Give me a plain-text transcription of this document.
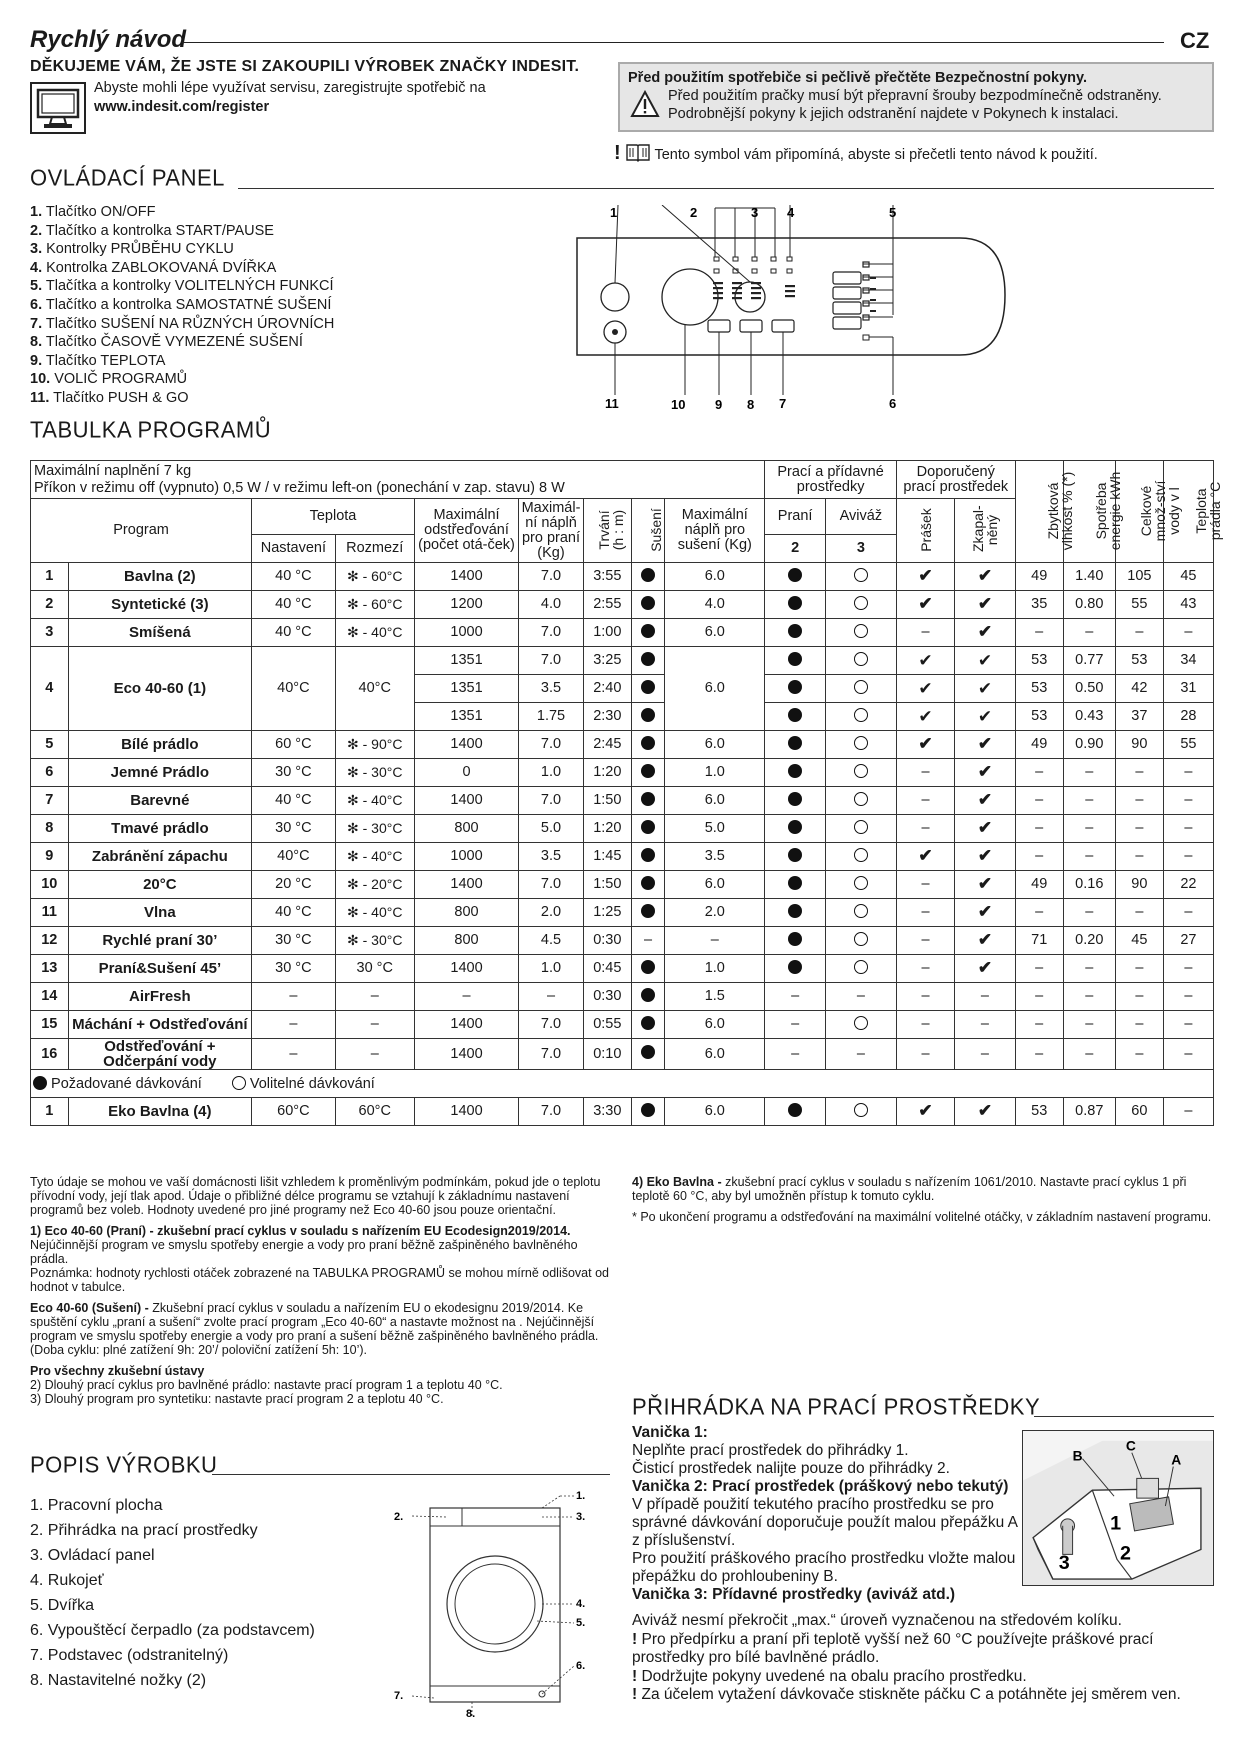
Rychlý návod	CZ
DĚKUJEME VÁM, ŽE JSTE SI ZAKOUPILI VÝROBEK ZNAČKY INDESIT.
Abyste mohli lépe využívat servisu, zaregistrujte spotřebič na
www.indesit.com/register
Před použitím spotřebiče si pečlivě přečtěte Bezpečnostní pokyny.
Před použitím pračky musí být přepravní šrouby bezpodmínečně odstraněny.
Podrobnější pokyny k jejich odstranění najdete v Pokynech k instalaci.
! Tento symbol vám připomíná, abyste si přečetli tento návod k použití.
OVLÁDACÍ PANEL
1. Tlačítko ON/OFF
2. Tlačítko a kontrolka START/PAUSE
3. Kontrolky PRŮBĚHU CYKLU
4. Kontrolka ZABLOKOVANÁ DVÍŘKA
5. Tlačítka a kontrolky VOLITELNÝCH FUNKCÍ
6. Tlačítko a kontrolka SAMOSTATNÉ SUŠENÍ
7. Tlačítko SUŠENÍ NA RŮZNÝCH ÚROVNÍCH
8. Tlačítko ČASOVĚ VYMEZENÉ SUŠENÍ
9. Tlačítko TEPLOTA
10. VOLIČ PROGRAMŮ
11. Tlačítko PUSH & GO
1	2	3 4	5
6
7
8
9
10
11
TABULKA PROGRAMŮ
Maximální naplnění 7 kg
Příkon v režimu off (vypnuto) 0,5 W / v režimu left-on (ponechání v zap. stavu) 8 W									Prací a přídavné prostředky		Doporučený prací prostředek		Zbytková vlhkost % (*)	Spotřeba energie kWh	Celkové množ-ství vody v l	Teplota prádla °C
Program		Teplota		Maximální odstřeďování (počet otá-ček)	Maximál-ní náplň pro praní (Kg)	Trvání (h : m)	Sušení	Maximální náplň pro sušení (Kg)	Praní	Aviváž	Prášek	Zkapal-něný				
		Nastavení	Rozmezí						2	3						
1	Bavlna (2)	40 °C	✻ - 60°C	1400	7.0	3:55		6.0			✔	✔	49	1.40	105	45
2	Syntetické (3)	40 °C	✻ - 60°C	1200	4.0	2:55		4.0			✔	✔	35	0.80	55	43
3	Smíšená	40 °C	✻ - 40°C	1000	7.0	1:00		6.0			–	✔	–	–	–	–
4	Eco 40-60 (1)	40°C	40°C	1351	7.0	3:25		6.0			✔	✔	53	0.77	53	34
				1351	3.5	2:40					✔	✔	53	0.50	42	31
				1351	1.75	2:30					✔	✔	53	0.43	37	28
5	Bílé prádlo	60 °C	✻ - 90°C	1400	7.0	2:45		6.0			✔	✔	49	0.90	90	55
6	Jemné Prádlo	30 °C	✻ - 30°C	0	1.0	1:20		1.0			–	✔	–	–	–	–
7	Barevné	40 °C	✻ - 40°C	1400	7.0	1:50		6.0			–	✔	–	–	–	–
8	Tmavé prádlo	30 °C	✻ - 30°C	800	5.0	1:20		5.0			–	✔	–	–	–	–
9	Zabránění zápachu	40°C	✻ - 40°C	1000	3.5	1:45		3.5			✔	✔	–	–	–	–
10	20°C	20 °C	✻ - 20°C	1400	7.0	1:50		6.0			–	✔	49	0.16	90	22
11	Vlna	40 °C	✻ - 40°C	800	2.0	1:25		2.0			–	✔	–	–	–	–
12	Rychlé praní 30’	30 °C	✻ - 30°C	800	4.5	0:30	–	–			–	✔	71	0.20	45	27
13	Praní&Sušení 45’	30 °C	30 °C	1400	1.0	0:45		1.0			–	✔	–	–	–	–
14	AirFresh	–	–	–	–	0:30		1.5	–	–	–	–	–	–	–	–
15	Máchání + Odstřeďování	–	–	1400	7.0	0:55		6.0	–		–	–	–	–	–	–
16	Odstřeďování + Odčerpání vody	–	–	1400	7.0	0:10		6.0	–	–	–	–	–	–	–	–
Požadované dávkování Volitelné dávkování																
1	Eko Bavlna (4)	60°C	60°C	1400	7.0	3:30		6.0			✔	✔	53	0.87	60	–

Tyto údaje se mohou ve vaší domácnosti lišit vzhledem k proměnlivým podmínkám, pokud jde o teplotu přívodní vody, její tlak apod. Údaje o přibližné délce programu se vztahují k základnímu nastavení programů bez voleb. Hodnoty uvedené pro jiné programy než Eco 40-60 jsou pouze orientační.

1) Eco 40-60 (Praní) - zkušební prací cyklus v souladu s nařízením EU Ecodesign2019/2014.
Nejúčinnější program ve smyslu spotřeby energie a vody pro praní běžně zašpiněného bavlněného prádla.
Poznámka: hodnoty rychlosti otáček zobrazené na TABULKA PROGRAMŮ se mohou mírně odlišovat od hodnot v tabulce.

Eco 40-60 (Sušení) - Zkušební prací cyklus v souladu a nařízením EU o ekodesignu 2019/2014. Ke spuštění cyklu „praní a sušení“ zvolte prací program „Eco 40-60“ a nastavte možnost na . Nejúčinnější program ve smyslu spotřeby energie a vody pro praní a sušení běžně zašpiněného bavlněného prádla. (Doba cyklu: plné zatížení 9h: 20’/ poloviční zatížení 5h: 10’).

Pro všechny zkušební ústavy
2) Dlouhý prací cyklus pro bavlněné prádlo: nastavte prací program 1 a teplotu 40 °C.
3) Dlouhý program pro syntetiku: nastavte prací program 2 a teplotu 40 °C.

4) Eko Bavlna - zkušební prací cyklus v souladu s nařízením 1061/2010. Nastavte prací cyklus 1 při teplotě 60 °C, aby byl umožněn přístup k tomuto cyklu.

* Po ukončení programu a odstřeďování na maximální volitelné otáčky, v základním nastavení programu.

POPIS VÝROBKU
1. Pracovní plocha
2. Přihrádka na prací prostředky
3. Ovládací panel
4. Rukojeť
5. Dvířka
6. Vypouštěcí čerpadlo (za podstavcem)
7. Podstavec (odstranitelný)
8. Nastavitelné nožky (2)
1.
2.	3.
4.
5.
6.
7.
8.
PŘIHRÁDKA NA PRACÍ PROSTŘEDKY
Vanička 1:
Neplňte prací prostředek do přihrádky 1.
Čisticí prostředek nalijte pouze do přihrádky 2.
Vanička 2: Prací prostředek (práškový nebo tekutý)
V případě použití tekutého pracího prostředku se pro správné dávkování doporučuje použít malou přepážku A z příslušenství.
Pro použití práškového pracího prostředku vložte malou přepážku do prohloubeniny B.
Vanička 3: Přídavné prostředky (aviváž atd.)
Aviváž nesmí překročit „max.“ úroveň vyznačenou na středovém kolíku.
! Pro předpírku a praní při teplotě vyšší než 60 °C používejte práškové prací prostředky pro bílé bavlněné prádlo.
! Dodržujte pokyny uvedené na obalu pracího prostředku.
! Za účelem vytažení dávkovače stiskněte páčku C a potáhněte jej směrem ven.
B
C
A
1
2
3
